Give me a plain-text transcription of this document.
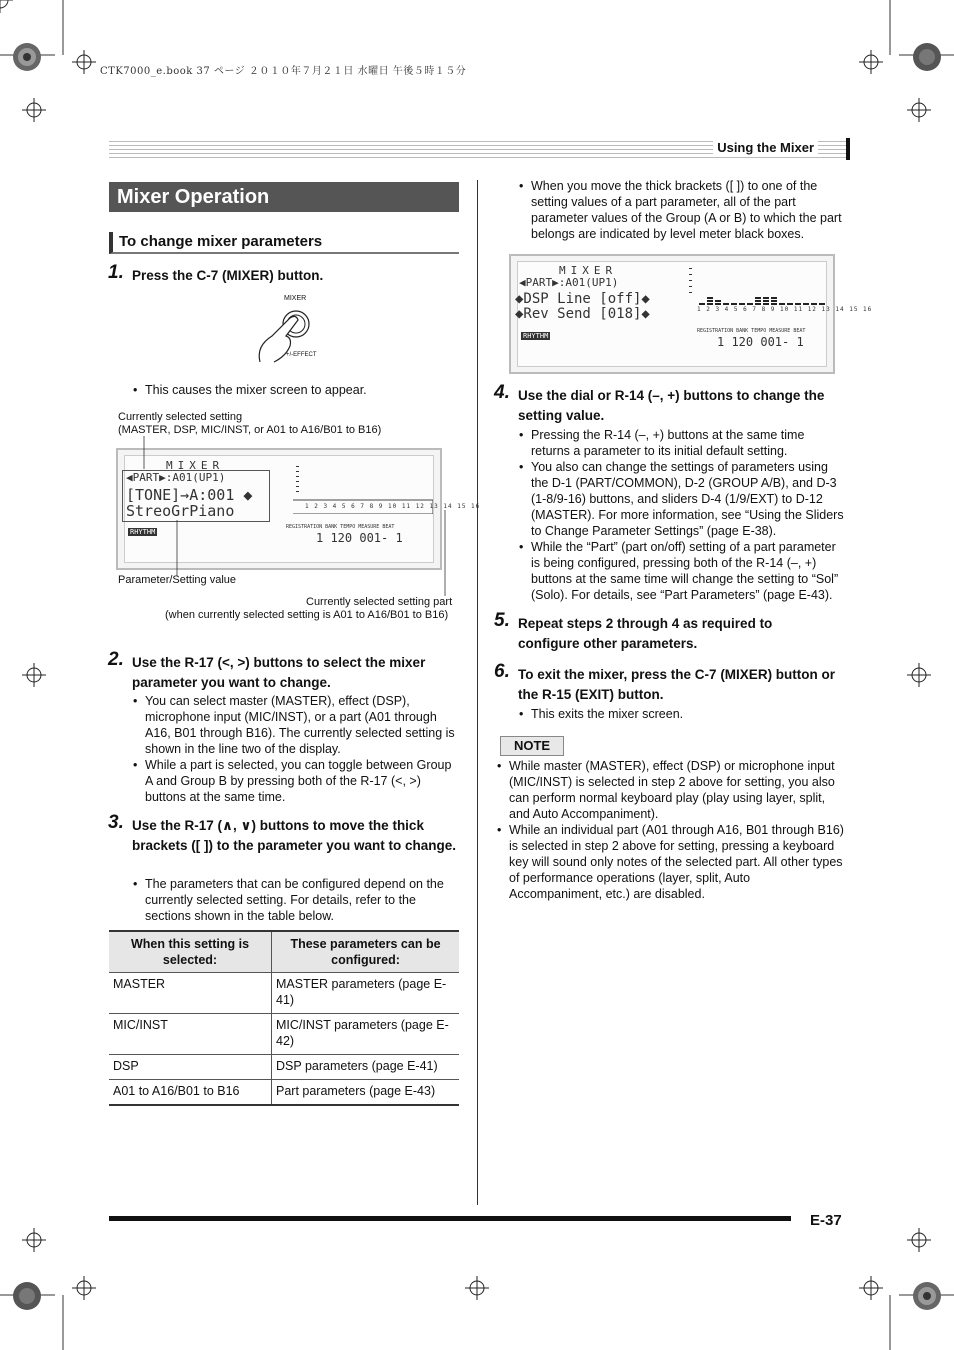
CTK7000_e.book 37 ページ ２０１０年７月２１日 水曜日 午後５時１５分
Using the Mixer
Mixer Operation
To change mixer parameters
1. Press the C-7 (MIXER) button.
MIXER
+/-EFFECT
• This causes the mixer screen to appear.
Currently selected setting
(MASTER, DSP, MIC/INST, or A01 to A16/B01 to B16)
MIXER
◀PART▶:A01(UP1)
[TONE]→A:001 ◆
StreoGrPiano	1 2 3 4 5 6 7 8 9 10 11 12 13 14 15 16
RHYTHM
REGISTRATION BANK TEMPO MEASURE BEAT
1 120 001- 1
Parameter/Setting value
Currently selected setting part
(when currently selected setting is A01 to A16/B01 to B16)
2. Use the R-17 (<, >) buttons to select the mixer parameter you want to change.
• You can select master (MASTER), effect (DSP), microphone input (MIC/INST), or a part (A01 through A16, B01 through B16). The currently selected setting is shown in the line two of the display.
• While a part is selected, you can toggle between Group A and Group B by pressing both of the R-17 (<, >) buttons at the same time.
3. Use the R-17 (∧, ∨) buttons to move the thick brackets ([ ]) to the parameter you want to change.
• The parameters that can be configured depend on the currently selected setting. For details, refer to the sections shown in the table below.
When this setting is selected:	These parameters can be configured:
MASTER	MASTER parameters (page E-41)
MIC/INST	MIC/INST parameters (page E-42)
DSP	DSP parameters (page E-41)
A01 to A16/B01 to B16	Part parameters (page E-43)
• When you move the thick brackets ([ ]) to one of the setting values of a part parameter, all of the part parameter values of the Group (A or B) to which the part belongs are indicated by level meter black boxes.
MIXER
◀PART▶:A01(UP1)
◆DSP Line [off]◆
◆Rev Send [018]◆	1 2 3 4 5 6 7 8 9 10 11 12 13 14 15 16
RHYTHM
REGISTRATION BANK TEMPO MEASURE BEAT
1 120 001- 1
4. Use the dial or R-14 (–, +) buttons to change the setting value.
• Pressing the R-14 (–, +) buttons at the same time returns a parameter to its initial default setting.
• You also can change the settings of parameters using the D-1 (PART/COMMON), D-2 (GROUP A/B), and D-3 (1-8/9-16) buttons, and sliders D-4 (1/9/EXT) to D-12 (MASTER). For more information, see “Using the Sliders to Change Parameter Settings” (page E-38).
• While the “Part” (part on/off) setting of a part parameter is being configured, pressing both of the R-14 (–, +) buttons at the same time will change the setting to “Sol” (Solo). For details, see “Part Parameters” (page E-43).
5. Repeat steps 2 through 4 as required to configure other parameters.
6. To exit the mixer, press the C-7 (MIXER) button or the R-15 (EXIT) button.
• This exits the mixer screen.
NOTE
• While master (MASTER), effect (DSP) or microphone input (MIC/INST) is selected in step 2 above for setting, you also can perform normal keyboard play (play using layer, split, and Auto Accompaniment).
• While an individual part (A01 through A16, B01 through B16) is selected in step 2 above for setting, pressing a keyboard key will sound only notes of the selected part. All other types of performance operations (layer, split, Auto Accompaniment, etc.) are disabled.
E-37
